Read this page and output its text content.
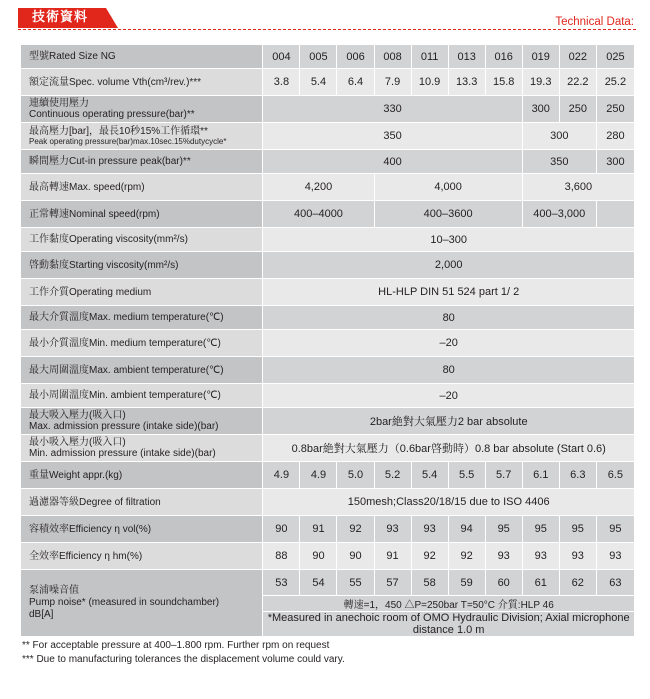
技術資料	Technical Data:
型號Rated Size NG	004	005	006	008	011	013	016	019	022	025
額定流量Spec. volume Vth(cm³/rev.)***	3.8	5.4	6.4	7.9	10.9	13.3	15.8	19.3	22.2	25.2

連續使用壓力
Continuous operating pressure(bar)**	330							300	250	250

最高壓力[bar]，最長10秒15%工作循環**
Peak operating pressure(bar)max.10sec.15%dutycycle*	350							300		280
瞬間壓力Cut-in pressure peak(bar)**	400							350		300
最高轉速Max. speed(rpm)	4,200			4,000				3,600		
正常轉速Nominal speed(rpm)	400–4000			400–3600				400–3,000		
工作黏度Operating viscosity(mm²/s)	10–300									
啓動黏度Starting viscosity(mm²/s)	2,000									
工作介質Operating medium	HL-HLP DIN 51 524 part 1/ 2									
最大介質溫度Max. medium temperature(℃)	80									
最小介質溫度Min. medium temperature(℃)	–20									
最大周圍溫度Max. ambient temperature(℃)	80									
最小周圍溫度Min. ambient temperature(℃)	–20									

最大吸入壓力(吸入口)
Max. admission pressure (intake side)(bar)	2bar絶對大氣壓力2 bar absolute									

最小吸入壓力(吸入口)
Min. admission pressure (intake side)(bar)	0.8bar絶對大氣壓力（0.6bar啓動時）0.8 bar absolute (Start 0.6)									
重量Weight appr.(kg)	4.9	4.9	5.0	5.2	5.4	5.5	5.7	6.1	6.3	6.5
過濾器等級Degree of filtration	150mesh;Class20/18/15 due to ISO 4406									
容積效率Efficiency η vol(%)	90	91	92	93	93	94	95	95	95	95
全效率Efficiency η hm(%)	88	90	90	91	92	92	93	93	93	93

泵浦噪音值
Pump noise* (measured in soundchamber)
dB[A]	53	54	55	57	58	59	60	61	62	63
	轉速=1，450 △P=250bar T=50°C 介質:HLP 46									
	*Measured in anechoic room of OMO Hydraulic Division; Axial microphone distance 1.0 m									
** For acceptable pressure at 400–1.800 rpm. Further rpm on request
*** Due to manufacturing tolerances the displacement volume could vary.
